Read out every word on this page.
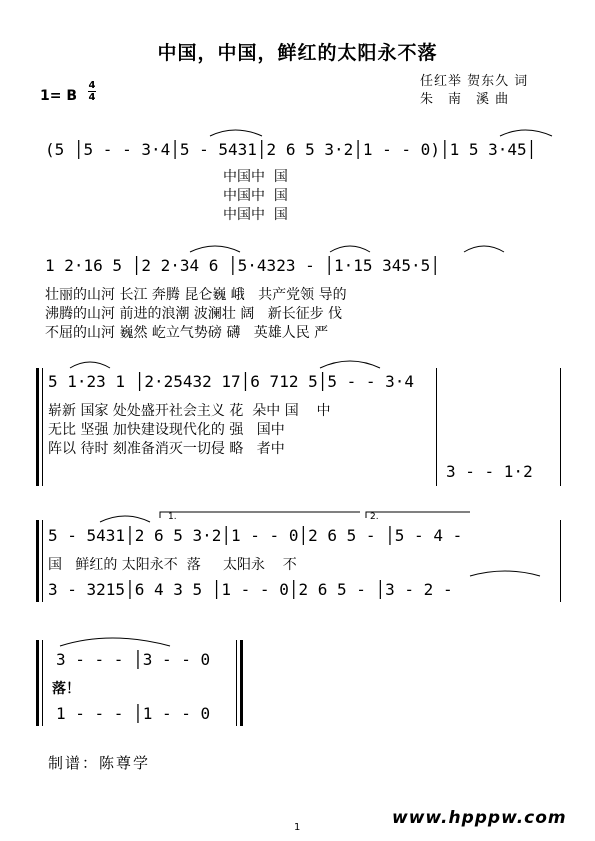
中国，中国，鲜红的太阳永不落
1= B
4
4
任红举 贺东久 词
朱　南　溪 曲
(5 │5 - - 3·4│5 - 5431│2 6 5 3·2│1 - - 0)│1 5 3·45│
中国中  国
中国中  国
中国中  国
1 2·16 5 │2 2·34 6 │5·4323 - │1·15 345·5│
壮丽的山河 长江 奔腾 昆仑巍 峨   共产党领 导的
沸腾的山河 前进的浪潮 波澜壮 阔   新长征步 伐
不屈的山河 巍然 屹立气势磅 礴   英雄人民 严
5 1·23 1 │2·25432 17│6 712 5│5 - - 3·4
崭新 国家 处处盛开社会主义 花  朵中 国    中
无比 坚强 加快建设现代化的 强   国中
阵以 待时 刻准备消灭一切侵 略   者中
3 - - 1·2
5 - 5431│2 6 5 3·2│1 - - 0│2 6 5 - │5 - 4 -
国   鲜红的 太阳永不  落     太阳永    不
3 - 3215│6 4 3 5 │1 - - 0│2 6 5 - │3 - 2 -
1.	2.
3 - - - │3 - - 0
落！
1 - - - │1 - - 0
制谱：陈尊学
1	www.hpppw.com
